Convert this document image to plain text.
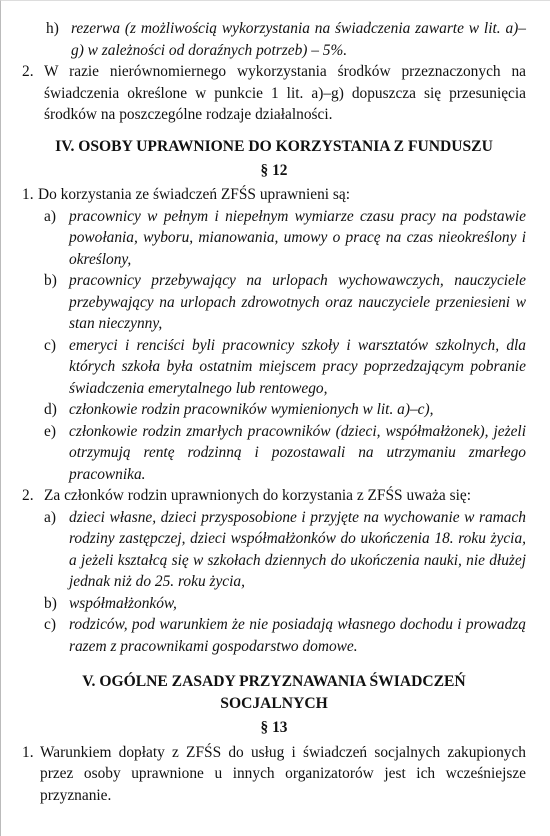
h) rezerwa (z możliwością wykorzystania na świadczenia zawarte w lit. a)–g) w zależności od doraźnych potrzeb) – 5%.
2. W razie nierównomiernego wykorzystania środków przeznaczonych na świadczenia określone w punkcie 1 lit. a)–g) dopuszcza się przesunięcia środków na poszczególne rodzaje działalności.
IV. OSOBY UPRAWNIONE DO KORZYSTANIA Z FUNDUSZU
§ 12
1. Do korzystania ze świadczeń ZFŚS uprawnieni są:
a) pracownicy w pełnym i niepełnym wymiarze czasu pracy na podstawie powołania, wyboru, mianowania, umowy o pracę na czas nieokreślony i określony,
b) pracownicy przebywający na urlopach wychowawczych, nauczyciele przebywający na urlopach zdrowotnych oraz nauczyciele przeniesieni w stan nieczynny,
c) emeryci i renciści byli pracownicy szkoły i warsztatów szkolnych, dla których szkoła była ostatnim miejscem pracy poprzedzającym pobranie świadczenia emerytalnego lub rentowego,
d) członkowie rodzin pracowników wymienionych w lit. a)–c),
e) członkowie rodzin zmarłych pracowników (dzieci, współmałżonek), jeżeli otrzymują rentę rodzinną i pozostawali na utrzymaniu zmarłego pracownika.
2. Za członków rodzin uprawnionych do korzystania z ZFŚS uważa się:
a) dzieci własne, dzieci przysposobione i przyjęte na wychowanie w ramach rodziny zastępczej, dzieci współmałżonków do ukończenia 18. roku życia, a jeżeli kształcą się w szkołach dziennych do ukończenia nauki, nie dłużej jednak niż do 25. roku życia,
b) współmałżonków,
c) rodziców, pod warunkiem że nie posiadają własnego dochodu i prowadzą razem z pracownikami gospodarstwo domowe.
V. OGÓLNE ZASADY PRZYZNAWANIA ŚWIADCZEŃ
SOCJALNYCH
§ 13
1. Warunkiem dopłaty z ZFŚS do usług i świadczeń socjalnych zakupionych przez osoby uprawnione u innych organizatorów jest ich wcześniejsze przyznanie.
